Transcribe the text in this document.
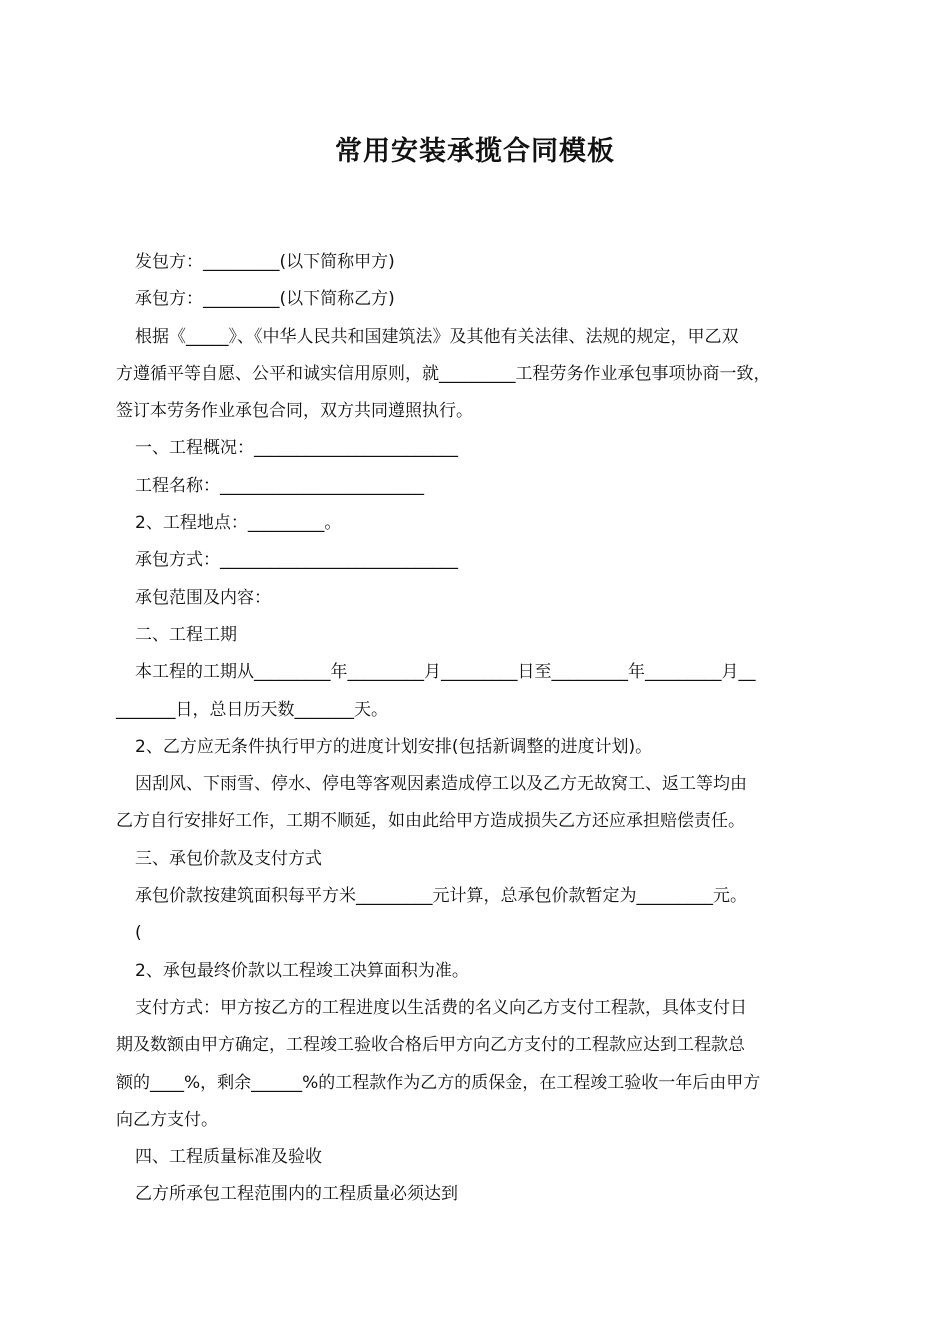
常用安装承揽合同模板

发包方：_________(以下简称甲方)

承包方：_________(以下简称乙方)

根据《_____》、《中华人民共和国建筑法》及其他有关法律、法规的规定，甲乙双

方遵循平等自愿、公平和诚实信用原则，就_________工程劳务作业承包事项协商一致，

签订本劳务作业承包合同，双方共同遵照执行。

一、工程概况：________________________

工程名称：________________________

2、工程地点：_________。

承包方式：____________________________

承包范围及内容：

二、工程工期

本工程的工期从_________年_________月_________日至_________年_________月__

_______日，总日历天数_______天。

2、乙方应无条件执行甲方的进度计划安排(包括新调整的进度计划)。

因刮风、下雨雪、停水、停电等客观因素造成停工以及乙方无故窝工、返工等均由

乙方自行安排好工作，工期不顺延，如由此给甲方造成损失乙方还应承担赔偿责任。

三、承包价款及支付方式

承包价款按建筑面积每平方米_________元计算，总承包价款暂定为_________元。

(

2、承包最终价款以工程竣工决算面积为准。

支付方式：甲方按乙方的工程进度以生活费的名义向乙方支付工程款，具体支付日

期及数额由甲方确定，工程竣工验收合格后甲方向乙方支付的工程款应达到工程款总

额的____%，剩余______%的工程款作为乙方的质保金，在工程竣工验收一年后由甲方

向乙方支付。

四、工程质量标准及验收

乙方所承包工程范围内的工程质量必须达到
